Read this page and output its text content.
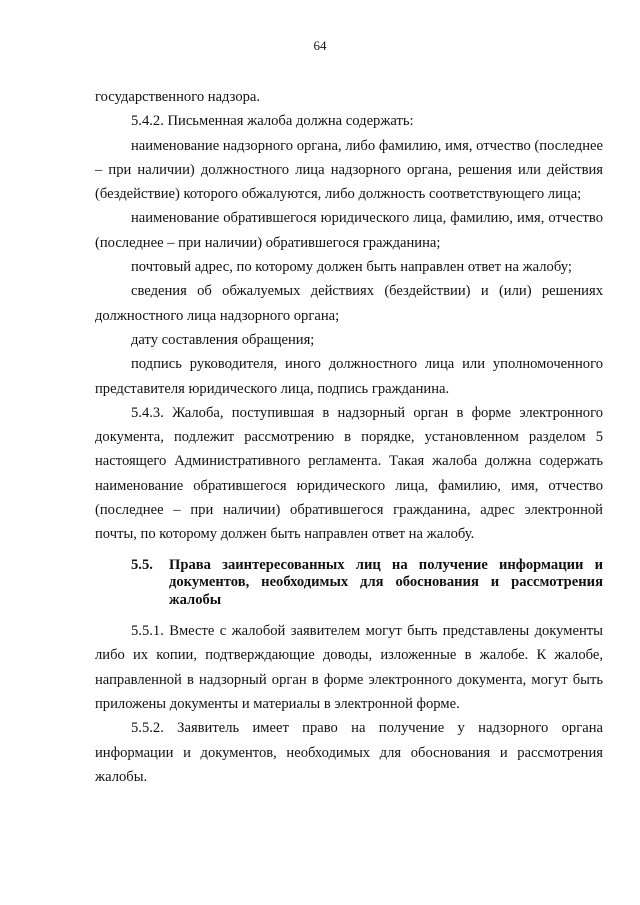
64

государственного надзора.

5.4.2. Письменная жалоба должна содержать:

наименование надзорного органа, либо фамилию, имя, отчество (последнее – при наличии) должностного лица надзорного органа, решения или действия (бездействие) которого обжалуются, либо должность соответствующего лица;

наименование обратившегося юридического лица, фамилию, имя, отчество (последнее – при наличии) обратившегося гражданина;

почтовый адрес, по которому должен быть направлен ответ на жалобу;

сведения об обжалуемых действиях (бездействии) и (или) решениях должностного лица надзорного органа;

дату составления обращения;

подпись руководителя, иного должностного лица или уполномоченного представителя юридического лица, подпись гражданина.

5.4.3. Жалоба, поступившая в надзорный орган в форме электронного документа, подлежит рассмотрению в порядке, установленном разделом 5 настоящего Административного регламента. Такая жалоба должна содержать наименование обратившегося юридического лица, фамилию, имя, отчество (последнее – при наличии) обратившегося гражданина, адрес электронной почты, по которому должен быть направлен ответ на жалобу.

5.5.	Права заинтересованных лиц на получение информации и документов, необходимых для обоснования и рассмотрения жалобы

5.5.1. Вместе с жалобой заявителем могут быть представлены документы либо их копии, подтверждающие доводы, изложенные в жалобе. К жалобе, направленной в надзорный орган в форме электронного документа, могут быть приложены документы и материалы в электронной форме.

5.5.2. Заявитель имеет право на получение у надзорного органа информации и документов, необходимых для обоснования и рассмотрения жалобы.
